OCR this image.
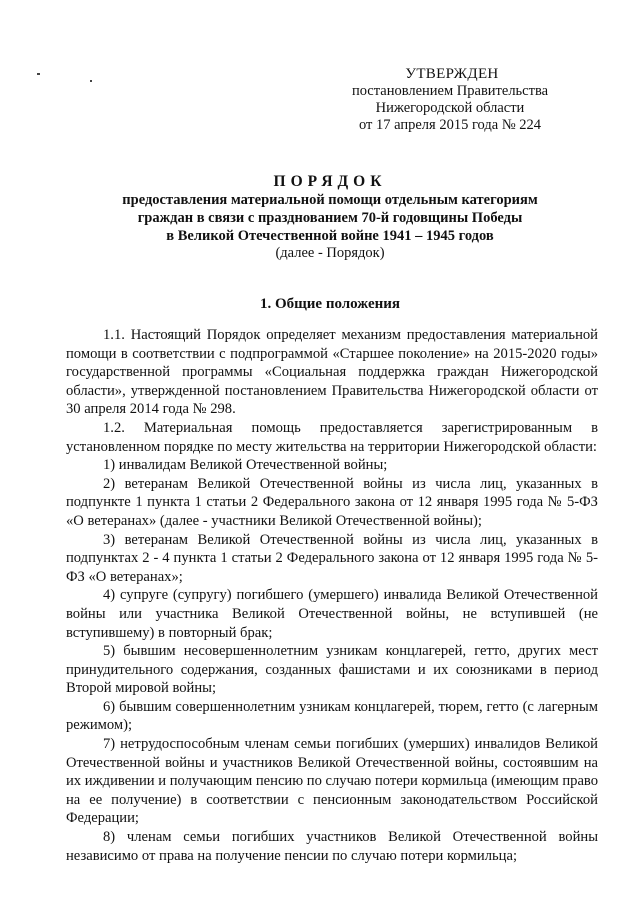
УТВЕРЖДЕН
постановлением Правительства
Нижегородской области
от 17 апреля 2015 года № 224
ПОРЯДОК
предоставления материальной помощи отдельным категориям
граждан в связи с празднованием 70-й годовщины Победы
в Великой Отечественной войне 1941 – 1945 годов
(далее - Порядок)
1. Общие положения

1.1. Настоящий Порядок определяет механизм предоставления материальной помощи в соответствии с подпрограммой «Старшее поколение» на 2015-2020 годы» государственной программы «Социальная поддержка граждан Нижегородской области», утвержденной постановлением Правительства Нижегородской области от 30 апреля 2014 года № 298.

1.2. Материальная помощь предоставляется зарегистрированным в установленном порядке по месту жительства на территории Нижегородской области:

1) инвалидам Великой Отечественной войны;

2) ветеранам Великой Отечественной войны из числа лиц, указанных в подпункте 1 пункта 1 статьи 2 Федерального закона от 12 января 1995 года № 5-ФЗ «О ветеранах» (далее - участники Великой Отечественной войны);

3) ветеранам Великой Отечественной войны из числа лиц, указанных в подпунктах 2 - 4 пункта 1 статьи 2 Федерального закона от 12 января 1995 года № 5-ФЗ «О ветеранах»;

4) супруге (супругу) погибшего (умершего) инвалида Великой Отечественной войны или участника Великой Отечественной войны, не вступившей (не вступившему) в повторный брак;

5) бывшим несовершеннолетним узникам концлагерей, гетто, других мест принудительного содержания, созданных фашистами и их союзниками в период Второй мировой войны;

6) бывшим совершеннолетним узникам концлагерей, тюрем, гетто (с лагерным режимом);

7) нетрудоспособным членам семьи погибших (умерших) инвалидов Великой Отечественной войны и участников Великой Отечественной войны, состоявшим на их иждивении и получающим пенсию по случаю потери кормильца (имеющим право на ее получение) в соответствии с пенсионным законодательством Российской Федерации;

8) членам семьи погибших участников Великой Отечественной войны независимо от права на получение пенсии по случаю потери кормильца;
